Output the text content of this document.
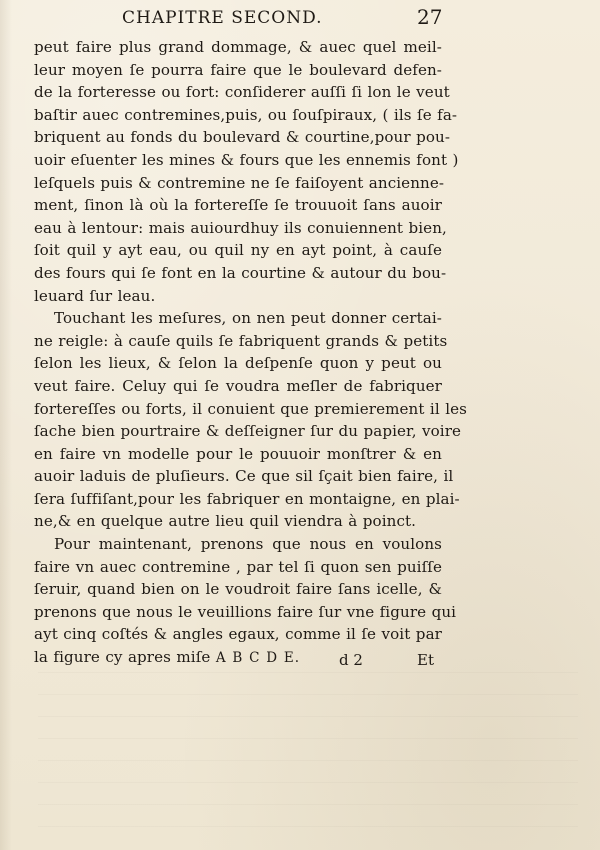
CHAPITRE SECOND.	27
peut faire plus grand dommage, & auec quel meil-
leur moyen ſe pourra faire que le boulevard defen-
de la forteresse ou fort: conſiderer auſſi ſi lon le veut
baſtir auec contremines,puis, ou ſouſpiraux, ( ils ſe fa-
briquent au fonds du boulevard & courtine,pour pou-
uoir eſuenter les mines & fours que les ennemis font )
leſquels puis & contremine ne ſe faiſoyent ancienne-
ment, ſinon là où la fortereſſe ſe trouuoit ſans auoir
eau à lentour: mais auiourdhuy ils conuiennent bien,
ſoit quil y ayt eau, ou quil ny en ayt point, à cauſe
des fours qui ſe font en la courtine & autour du bou-
leuard ſur leau.
Touchant les meſures, on nen peut donner certai-
ne reigle: à cauſe quils ſe fabriquent grands & petits
ſelon les lieux, & ſelon la deſpenſe quon y peut ou
veut faire. Celuy qui ſe voudra meſler de fabriquer
fortereſſes ou forts, il conuient que premierement il les
ſache bien pourtraire & deſſeigner ſur du papier, voire
en faire vn modelle pour le pouuoir monſtrer & en
auoir laduis de pluſieurs. Ce que sil ſçait bien faire, il
ſera ſuffiſant,pour les fabriquer en montaigne, en plai-
ne,& en quelque autre lieu quil viendra à poinct.
Pour maintenant, prenons que nous en voulons
faire vn auec contremine , par tel ſi quon sen puiſſe
ſeruir, quand bien on le voudroit faire ſans icelle, &
prenons que nous le veuillions faire ſur vne figure qui
ayt cinq coſtés & angles egaux, comme il ſe voit par
la figure cy apres miſe A B C D E.	d 2	Et
